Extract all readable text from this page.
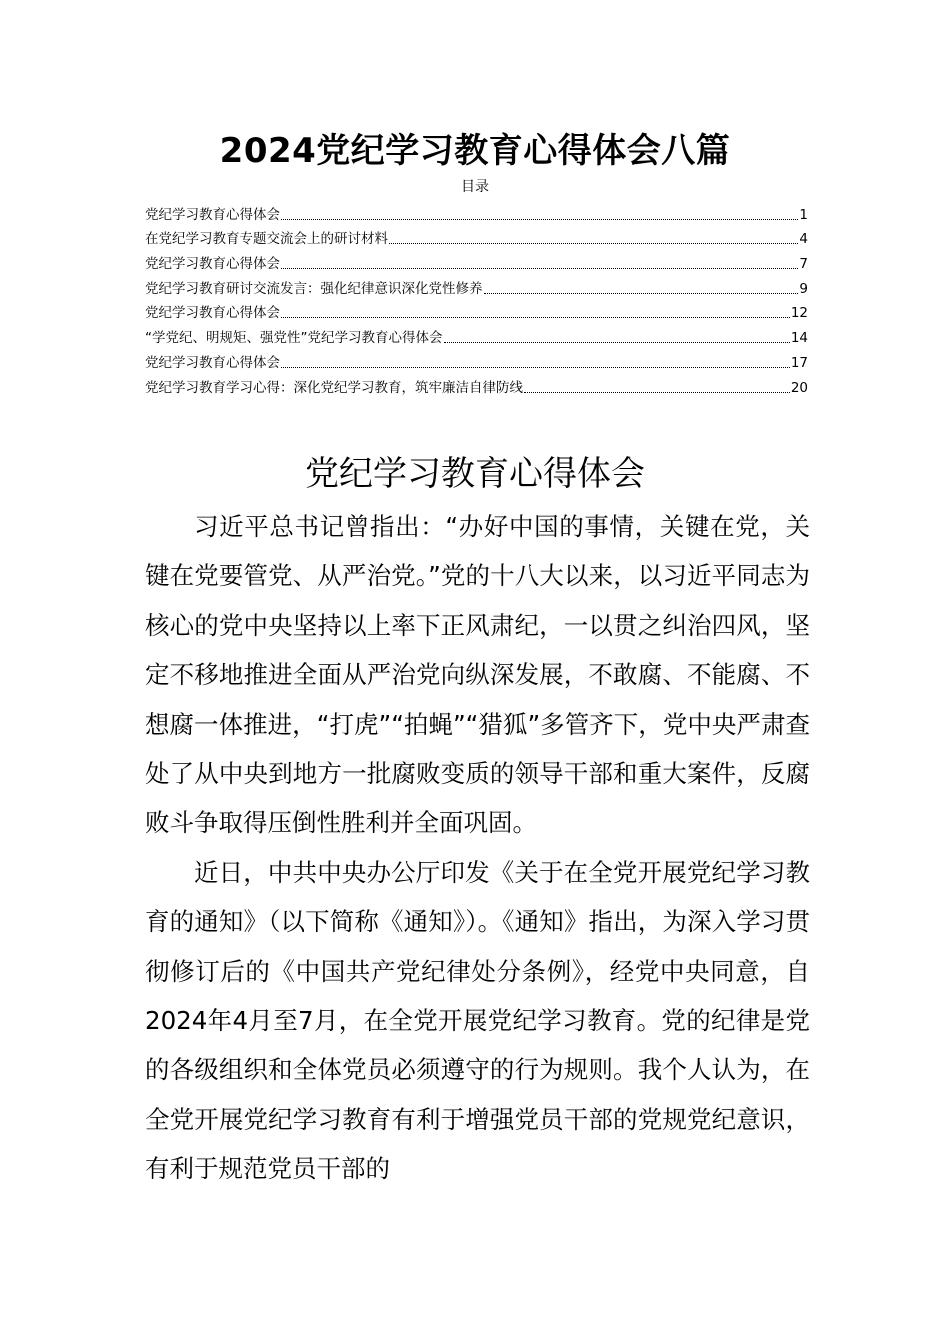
2024党纪学习教育心得体会八篇
目录
党纪学习教育心得体会	1
在党纪学习教育专题交流会上的研讨材料	4
党纪学习教育心得体会	7
党纪学习教育研讨交流发言：强化纪律意识深化党性修养	9
党纪学习教育心得体会	12
“学党纪、明规矩、强党性”党纪学习教育心得体会	14
党纪学习教育心得体会	17
党纪学习教育学习心得：深化党纪学习教育，筑牢廉洁自律防线	20
党纪学习教育心得体会

习近平总书记曾指出：“办好中国的事情，关键在党，关键在党要管党、从严治党。”党的十八大以来，以习近平同志为核心的党中央坚持以上率下正风肃纪，一以贯之纠治四风，坚定不移地推进全面从严治党向纵深发展，不敢腐、不能腐、不想腐一体推进，“打虎”“拍蝇”“猎狐”多管齐下，党中央严肃查处了从中央到地方一批腐败变质的领导干部和重大案件，反腐败斗争取得压倒性胜利并全面巩固。

近日，中共中央办公厅印发《关于在全党开展党纪学习教育的通知》（以下简称《通知》）。《通知》指出，为深入学习贯彻修订后的《中国共产党纪律处分条例》，经党中央同意，自2024年4月至7月，在全党开展党纪学习教育。党的纪律是党的各级组织和全体党员必须遵守的行为规则。我个人认为，在全党开展党纪学习教育有利于增强党员干部的党规党纪意识，有利于规范党员干部的
